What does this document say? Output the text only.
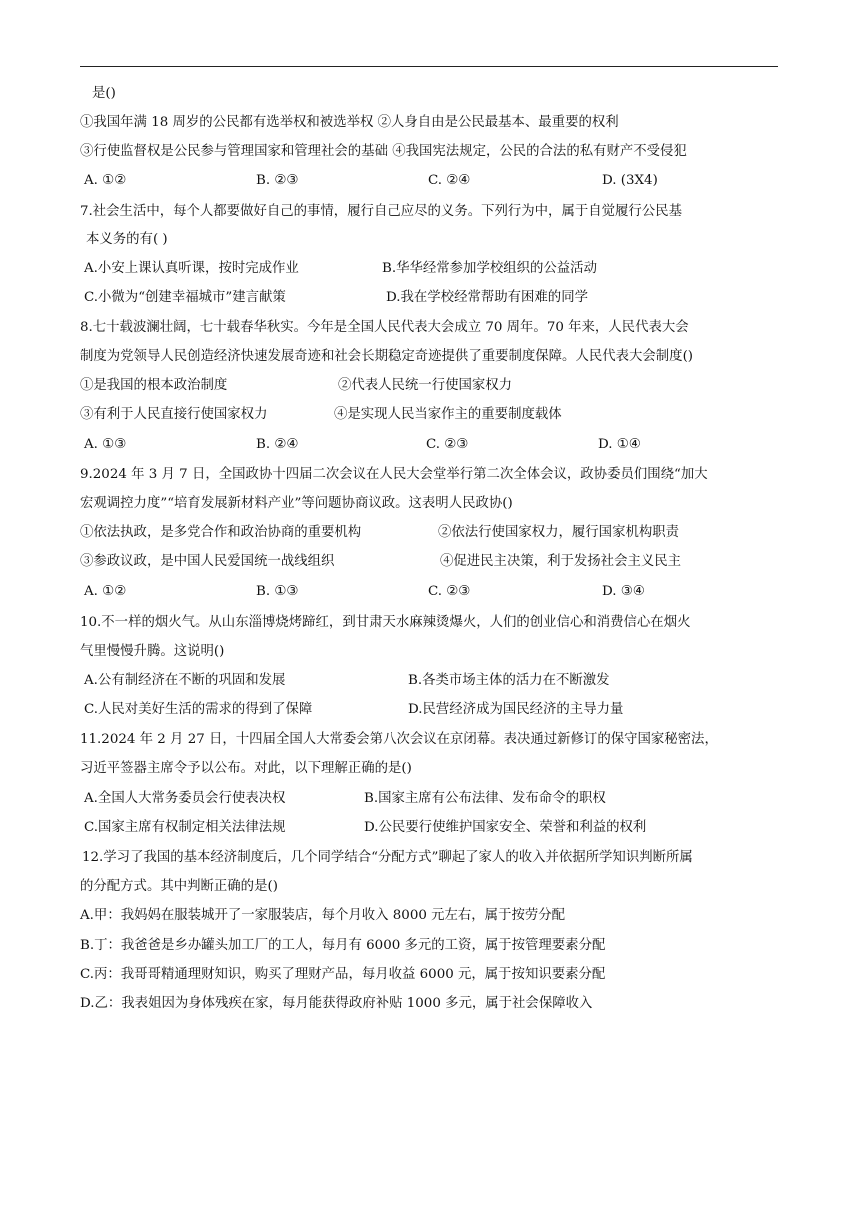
是()
①我国年满 18 周岁的公民都有选举权和被选举权 ②人身自由是公民最基本、最重要的权利
③行使监督权是公民参与管理国家和管理社会的基础 ④我国宪法规定，公民的合法的私有财产不受侵犯
A. ①②	B. ②③	C. ②④	D. (3X4)
7.社会生活中，每个人都要做好自己的事情，履行自己应尽的义务。下列行为中，属于自觉履行公民基
本义务的有( )
A.小安上课认真听课，按时完成作业	B.华华经常参加学校组织的公益活动
C.小微为“创建幸福城市”建言献策	D.我在学校经常帮助有困难的同学
8.七十载波澜壮阔，七十载春华秋实。今年是全国人民代表大会成立 70 周年。70 年来，人民代表大会
制度为党领导人民创造经济快速发展奇迹和社会长期稳定奇迹提供了重要制度保障。人民代表大会制度()
①是我国的根本政治制度	②代表人民统一行使国家权力
③有利于人民直接行使国家权力	④是实现人民当家作主的重要制度载体
A. ①③	B. ②④	C. ②③	D. ①④
9.2024 年 3 月 7 日，全国政协十四届二次会议在人民大会堂举行第二次全体会议，政协委员们围绕“加大
宏观调控力度”“培育发展新材料产业”等问题协商议政。这表明人民政协()
①依法执政，是多党合作和政治协商的重要机构	②依法行使国家权力，履行国家机构职责
③参政议政，是中国人民爱国统一战线组织	④促进民主决策，利于发扬社会主义民主
A. ①②	B. ①③	C. ②③	D. ③④
10.不一样的烟火气。从山东淄博烧烤蹄红，到甘肃天水麻辣烫爆火，人们的创业信心和消费信心在烟火
气里慢慢升腾。这说明()
A.公有制经济在不断的巩固和发展	B.各类市场主体的活力在不断激发
C.人民对美好生活的需求的得到了保障	D.民营经济成为国民经济的主导力量
11.2024 年 2 月 27 日，十四届全国人大常委会第八次会议在京闭幕。表决通过新修订的保守国家秘密法，
习近平签器主席令予以公布。对此，以下理解正确的是()
A.全国人大常务委员会行使表决权	B.国家主席有公布法律、发布命令的职权
C.国家主席有权制定相关法律法规	D.公民要行使维护国家安全、荣誉和利益的权利
12.学习了我国的基本经济制度后，几个同学结合“分配方式”聊起了家人的收入并依据所学知识判断所属
的分配方式。其中判断正确的是()
A.甲：我妈妈在服装城开了一家服装店，每个月收入 8000 元左右，属于按劳分配
B.丁：我爸爸是乡办罐头加工厂的工人，每月有 6000 多元的工资，属于按管理要素分配
C.丙：我哥哥精通理财知识，购买了理财产品，每月收益 6000 元，属于按知识要素分配
D.乙：我表姐因为身体残疾在家，每月能获得政府补贴 1000 多元，属于社会保障收入
